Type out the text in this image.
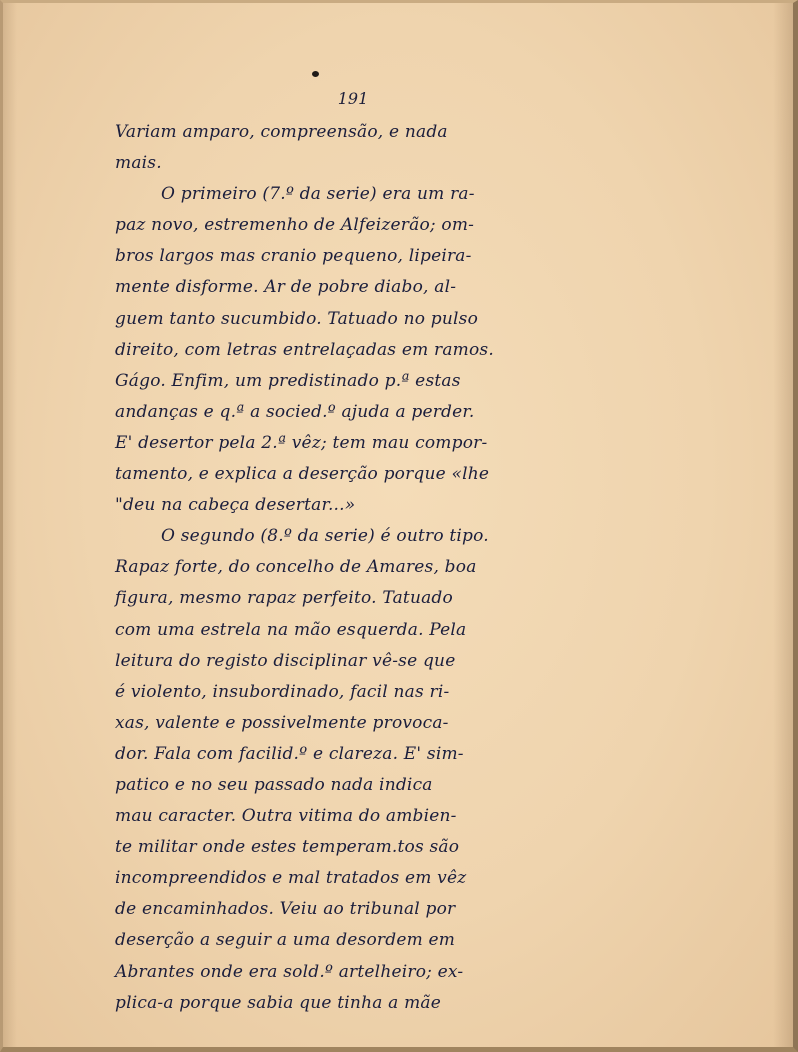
191
Variam amparo, compreensão, e nada
mais.
O primeiro (7.º da serie) era um ra-
paz novo, estremenho de Alfeizerão; om-
bros largos mas cranio pequeno, lipeira-
mente disforme. Ar de pobre diabo, al-
guem tanto sucumbido. Tatuado no pulso
direito, com letras entrelaçadas em ramos.
Gágo. Enfim, um predistinado p.ª estas
andanças e q.ª a socied.º ajuda a perder.
E' desertor pela 2.ª vêz; tem mau compor-
tamento, e explica a deserção porque «lhe
"deu na cabeça desertar...»
O segundo (8.º da serie) é outro tipo.
Rapaz forte, do concelho de Amares, boa
figura, mesmo rapaz perfeito. Tatuado
com uma estrela na mão esquerda. Pela
leitura do registo disciplinar vê-se que
é violento, insubordinado, facil nas ri-
xas, valente e possivelmente provoca-
dor. Fala com facilid.º e clareza. E' sim-
patico e no seu passado nada indica
mau caracter. Outra vitima do ambien-
te militar onde estes temperam.tos são
incompreendidos e mal tratados em vêz
de encaminhados. Veiu ao tribunal por
deserção a seguir a uma desordem em
Abrantes onde era sold.º artelheiro; ex-
plica-a porque sabia que tinha a mãe
